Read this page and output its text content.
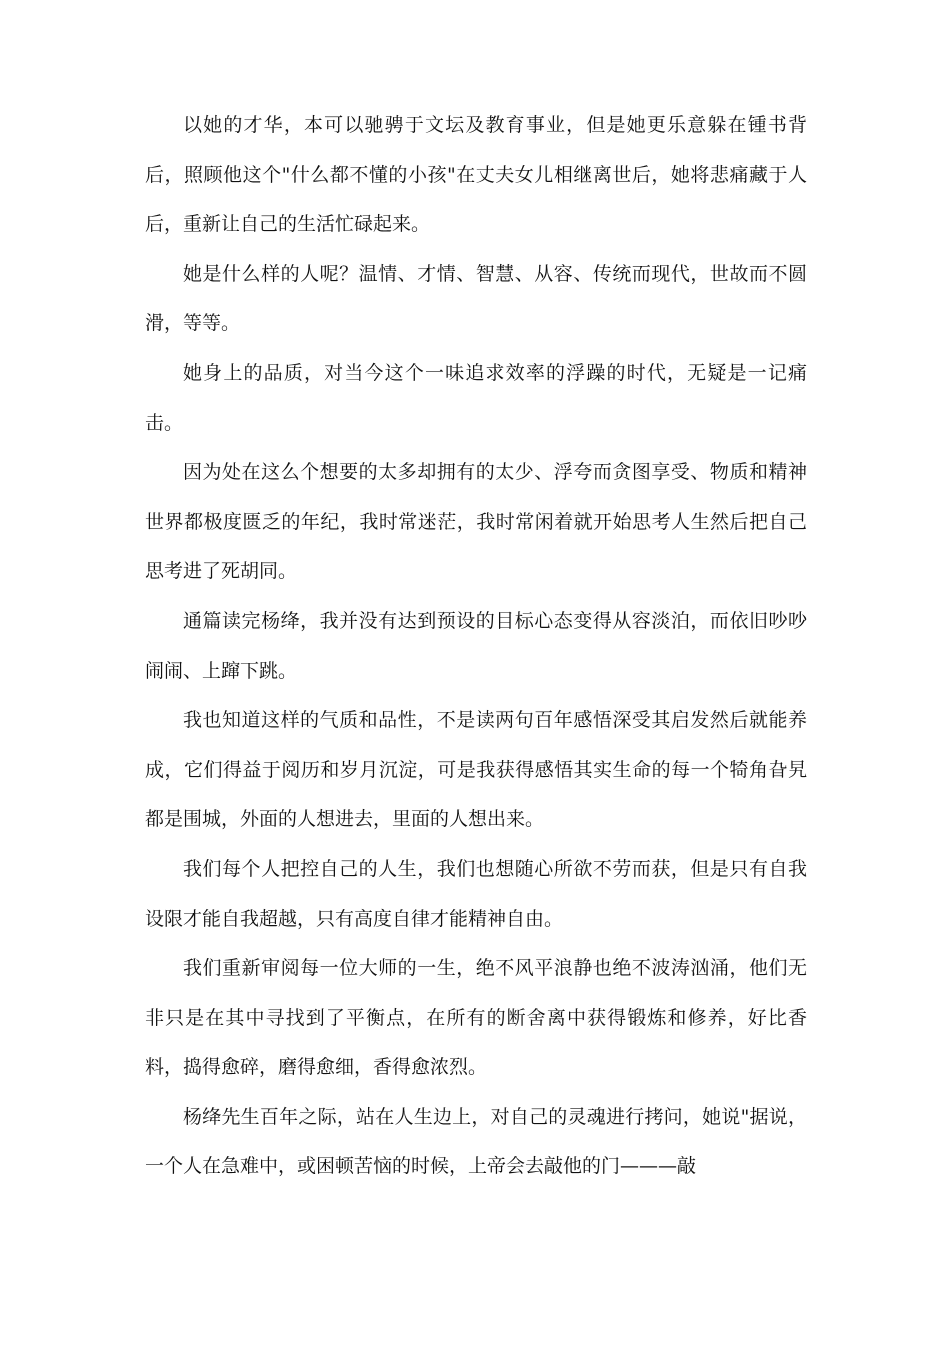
以她的才华，本可以驰骋于文坛及教育事业，但是她更乐意躲在锺书背后，照顾他这个"什么都不懂的小孩"在丈夫女儿相继离世后，她将悲痛藏于人后，重新让自己的生活忙碌起来。

她是什么样的人呢？温情、才情、智慧、从容、传统而现代，世故而不圆滑，等等。

她身上的品质，对当今这个一味追求效率的浮躁的时代，无疑是一记痛击。

因为处在这么个想要的太多却拥有的太少、浮夸而贪图享受、物质和精神世界都极度匮乏的年纪，我时常迷茫，我时常闲着就开始思考人生然后把自己思考进了死胡同。

通篇读完杨绛，我并没有达到预设的目标心态变得从容淡泊，而依旧吵吵闹闹、上蹿下跳。

我也知道这样的气质和品性，不是读两句百年感悟深受其启发然后就能养成，它们得益于阅历和岁月沉淀，可是我获得感悟其实生命的每一个犄角旮旯都是围城，外面的人想进去，里面的人想出来。

我们每个人把控自己的人生，我们也想随心所欲不劳而获，但是只有自我设限才能自我超越，只有高度自律才能精神自由。

我们重新审阅每一位大师的一生，绝不风平浪静也绝不波涛汹涌，他们无非只是在其中寻找到了平衡点，在所有的断舍离中获得锻炼和修养，好比香料，捣得愈碎，磨得愈细，香得愈浓烈。

杨绛先生百年之际，站在人生边上，对自己的灵魂进行拷问，她说"据说，一个人在急难中，或困顿苦恼的时候，上帝会去敲他的门———敲
